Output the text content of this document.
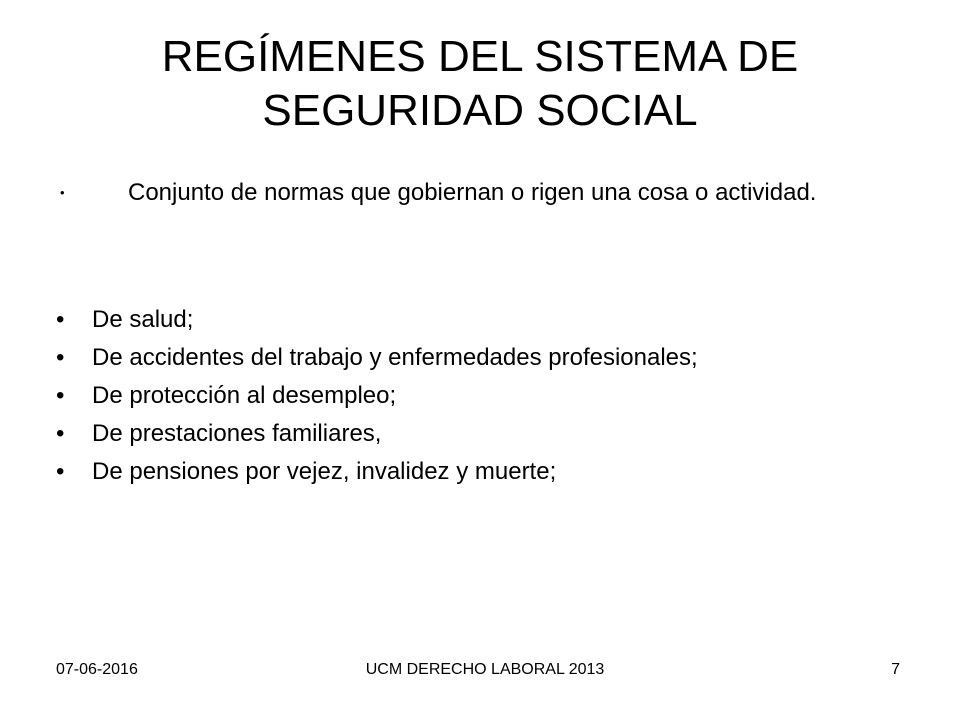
REGÍMENES DEL SISTEMA DE
SEGURIDAD SOCIAL
•	Conjunto de normas que gobiernan o rigen una cosa o actividad.
• De salud;
• De accidentes del trabajo y enfermedades profesionales;
• De protección al desempleo;
• De prestaciones familiares,
• De pensiones por vejez, invalidez y muerte;
07-06-2016	UCM DERECHO LABORAL 2013	7
